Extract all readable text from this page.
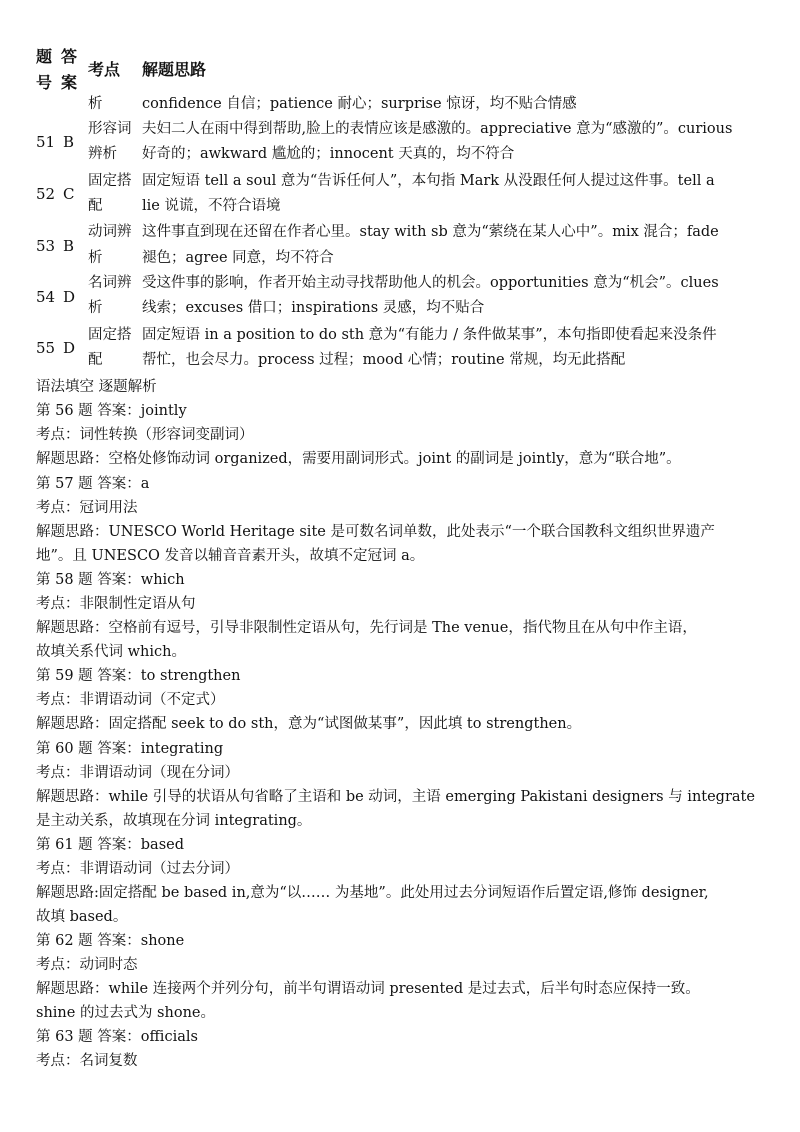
题
号
答
案
考点 解题思路
析	confidence 自信；patience 耐心；surprise 惊讶，均不贴合情感
51 B
形容词
辨析
夫妇二人在雨中得到帮助,脸上的表情应该是感激的。appreciative 意为“感激的”。curious
好奇的；awkward 尴尬的；innocent 天真的，均不符合
52 C
固定搭
配
固定短语 tell a soul 意为“告诉任何人”，本句指 Mark 从没跟任何人提过这件事。tell a
lie 说谎，不符合语境
53 B
动词辨
析
这件事直到现在还留在作者心里。stay with sb 意为“萦绕在某人心中”。mix 混合；fade
褪色；agree 同意，均不符合
54 D
名词辨
析
受这件事的影响，作者开始主动寻找帮助他人的机会。opportunities 意为“机会”。clues
线索；excuses 借口；inspirations 灵感，均不贴合
55 D
固定搭
配
固定短语 in a position to do sth 意为“有能力 / 条件做某事”，本句指即使看起来没条件
帮忙，也会尽力。process 过程；mood 心情；routine 常规，均无此搭配
语法填空 逐题解析
第 56 题 答案：jointly
考点：词性转换（形容词变副词）
解题思路：空格处修饰动词 organized，需要用副词形式。joint 的副词是 jointly，意为“联合地”。
第 57 题 答案：a
考点：冠词用法
解题思路：UNESCO World Heritage site 是可数名词单数，此处表示“一个联合国教科文组织世界遗产
地”。且 UNESCO 发音以辅音音素开头，故填不定冠词 a。
第 58 题 答案：which
考点：非限制性定语从句
解题思路：空格前有逗号，引导非限制性定语从句，先行词是 The venue，指代物且在从句中作主语，
故填关系代词 which。
第 59 题 答案：to strengthen
考点：非谓语动词（不定式）
解题思路：固定搭配 seek to do sth，意为“试图做某事”，因此填 to strengthen。
第 60 题 答案：integrating
考点：非谓语动词（现在分词）
解题思路：while 引导的状语从句省略了主语和 be 动词，主语 emerging Pakistani designers 与 integrate
是主动关系，故填现在分词 integrating。
第 61 题 答案：based
考点：非谓语动词（过去分词）
解题思路:固定搭配 be based in,意为“以…… 为基地”。此处用过去分词短语作后置定语,修饰 designer,
故填 based。
第 62 题 答案：shone
考点：动词时态
解题思路：while 连接两个并列分句，前半句谓语动词 presented 是过去式，后半句时态应保持一致。
shine 的过去式为 shone。
第 63 题 答案：officials
考点：名词复数
